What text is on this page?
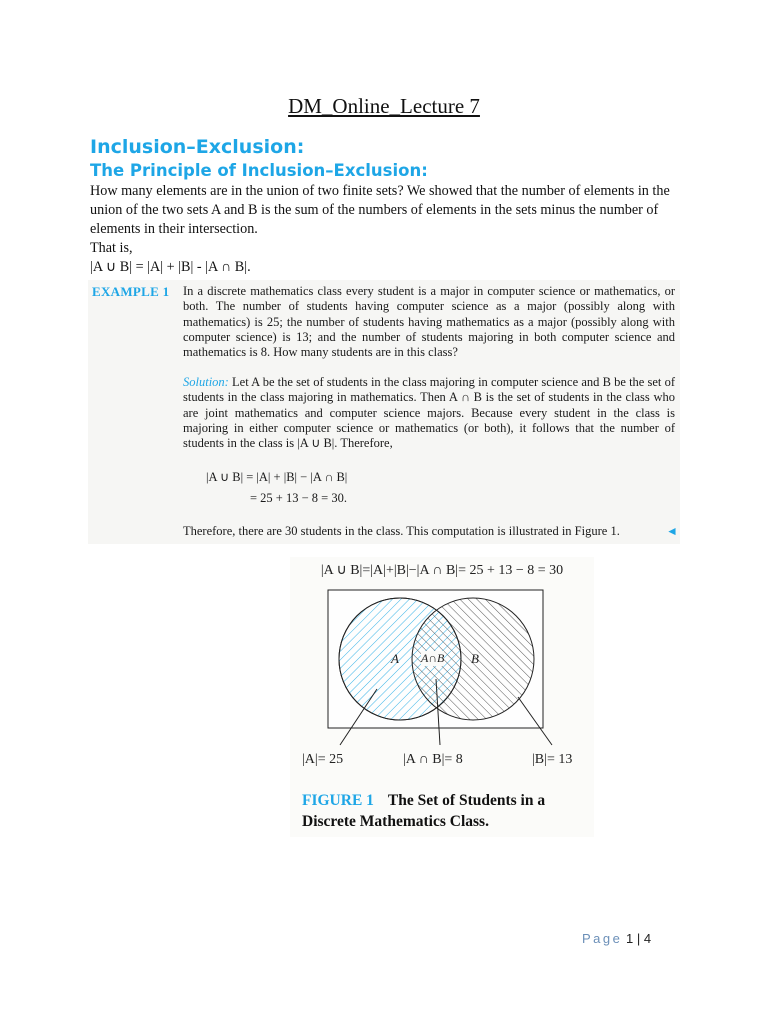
DM_Online_Lecture 7
Inclusion–Exclusion:
The Principle of Inclusion–Exclusion:

How many elements are in the union of two finite sets? We showed that the number of elements in the union of the two sets A and B is the sum of the numbers of elements in the sets minus the number of elements in their intersection.

That is,

|A ∪ B| = |A| + |B| - |A ∩ B|.

EXAMPLE 1 In a discrete mathematics class every student is a major in computer science or mathematics, or both. The number of students having computer science as a major (possibly along with mathematics) is 25; the number of students having mathematics as a major (possibly along with computer science) is 13; and the number of students majoring in both computer science and mathematics is 8. How many students are in this class?
Solution: Let A be the set of students in the class majoring in computer science and B be the set of students in the class majoring in mathematics. Then A ∩ B is the set of students in the class who are joint mathematics and computer science majors. Because every student in the class is majoring in either computer science or mathematics (or both), it follows that the number of students in the class is |A ∪ B|. Therefore,
|A ∪ B| = |A| + |B| − |A ∩ B|
= 25 + 13 − 8 = 30.
Therefore, there are 30 students in the class. This computation is illustrated in Figure 1.	◄
|A ∪ B|=|A|+|B|−|A ∩ B|= 25 + 13 − 8 = 30
A A∩B B
|A|= 25	|A ∩ B|= 8	|B|= 13
FIGURE 1 The Set of Students in a Discrete Mathematics Class.
Page 1 | 4
